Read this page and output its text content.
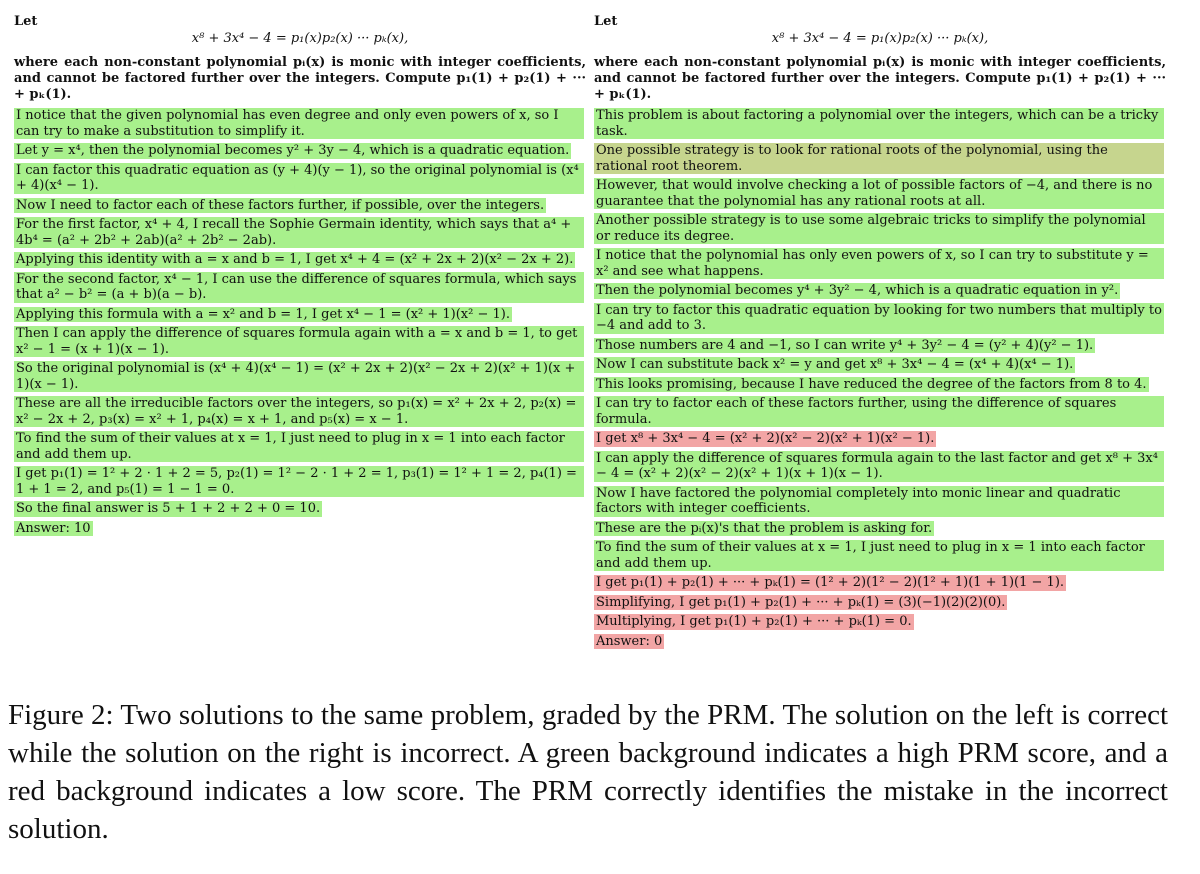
Let
x⁸ + 3x⁴ − 4 = p₁(x)p₂(x) ··· pₖ(x),
where each non-constant polynomial pᵢ(x) is monic with integer coefficients, and cannot be factored further over the integers. Compute p₁(1) + p₂(1) + ··· + pₖ(1).
I notice that the given polynomial has even degree and only even powers of x, so I can try to make a substitution to simplify it.
Let y = x⁴, then the polynomial becomes y² + 3y − 4, which is a quadratic equation.
I can factor this quadratic equation as (y + 4)(y − 1), so the original polynomial is (x⁴ + 4)(x⁴ − 1).
Now I need to factor each of these factors further, if possible, over the integers.
For the first factor, x⁴ + 4, I recall the Sophie Germain identity, which says that a⁴ + 4b⁴ = (a² + 2b² + 2ab)(a² + 2b² − 2ab).
Applying this identity with a = x and b = 1, I get x⁴ + 4 = (x² + 2x + 2)(x² − 2x + 2).
For the second factor, x⁴ − 1, I can use the difference of squares formula, which says that a² − b² = (a + b)(a − b).
Applying this formula with a = x² and b = 1, I get x⁴ − 1 = (x² + 1)(x² − 1).
Then I can apply the difference of squares formula again with a = x and b = 1, to get x² − 1 = (x + 1)(x − 1).
So the original polynomial is (x⁴ + 4)(x⁴ − 1) = (x² + 2x + 2)(x² − 2x + 2)(x² + 1)(x + 1)(x − 1).
These are all the irreducible factors over the integers, so p₁(x) = x² + 2x + 2, p₂(x) = x² − 2x + 2, p₃(x) = x² + 1, p₄(x) = x + 1, and p₅(x) = x − 1.
To find the sum of their values at x = 1, I just need to plug in x = 1 into each factor and add them up.
I get p₁(1) = 1² + 2 · 1 + 2 = 5, p₂(1) = 1² − 2 · 1 + 2 = 1, p₃(1) = 1² + 1 = 2, p₄(1) = 1 + 1 = 2, and p₅(1) = 1 − 1 = 0.
So the final answer is 5 + 1 + 2 + 2 + 0 = 10.
Answer: 10
Let
x⁸ + 3x⁴ − 4 = p₁(x)p₂(x) ··· pₖ(x),
where each non-constant polynomial pᵢ(x) is monic with integer coefficients, and cannot be factored further over the integers. Compute p₁(1) + p₂(1) + ··· + pₖ(1).
This problem is about factoring a polynomial over the integers, which can be a tricky task.
One possible strategy is to look for rational roots of the polynomial, using the rational root theorem.
However, that would involve checking a lot of possible factors of −4, and there is no guarantee that the polynomial has any rational roots at all.
Another possible strategy is to use some algebraic tricks to simplify the polynomial or reduce its degree.
I notice that the polynomial has only even powers of x, so I can try to substitute y = x² and see what happens.
Then the polynomial becomes y⁴ + 3y² − 4, which is a quadratic equation in y².
I can try to factor this quadratic equation by looking for two numbers that multiply to −4 and add to 3.
Those numbers are 4 and −1, so I can write y⁴ + 3y² − 4 = (y² + 4)(y² − 1).
Now I can substitute back x² = y and get x⁸ + 3x⁴ − 4 = (x⁴ + 4)(x⁴ − 1).
This looks promising, because I have reduced the degree of the factors from 8 to 4.
I can try to factor each of these factors further, using the difference of squares formula.
I get x⁸ + 3x⁴ − 4 = (x² + 2)(x² − 2)(x² + 1)(x² − 1).
I can apply the difference of squares formula again to the last factor and get x⁸ + 3x⁴ − 4 = (x² + 2)(x² − 2)(x² + 1)(x + 1)(x − 1).
Now I have factored the polynomial completely into monic linear and quadratic factors with integer coefficients.
These are the pᵢ(x)'s that the problem is asking for.
To find the sum of their values at x = 1, I just need to plug in x = 1 into each factor and add them up.
I get p₁(1) + p₂(1) + ··· + pₖ(1) = (1² + 2)(1² − 2)(1² + 1)(1 + 1)(1 − 1).
Simplifying, I get p₁(1) + p₂(1) + ··· + pₖ(1) = (3)(−1)(2)(2)(0).
Multiplying, I get p₁(1) + p₂(1) + ··· + pₖ(1) = 0.
Answer: 0
Figure 2: Two solutions to the same problem, graded by the PRM. The solution on the left is correct while the solution on the right is incorrect. A green background indicates a high PRM score, and a red background indicates a low score. The PRM correctly identifies the mistake in the incorrect solution.
